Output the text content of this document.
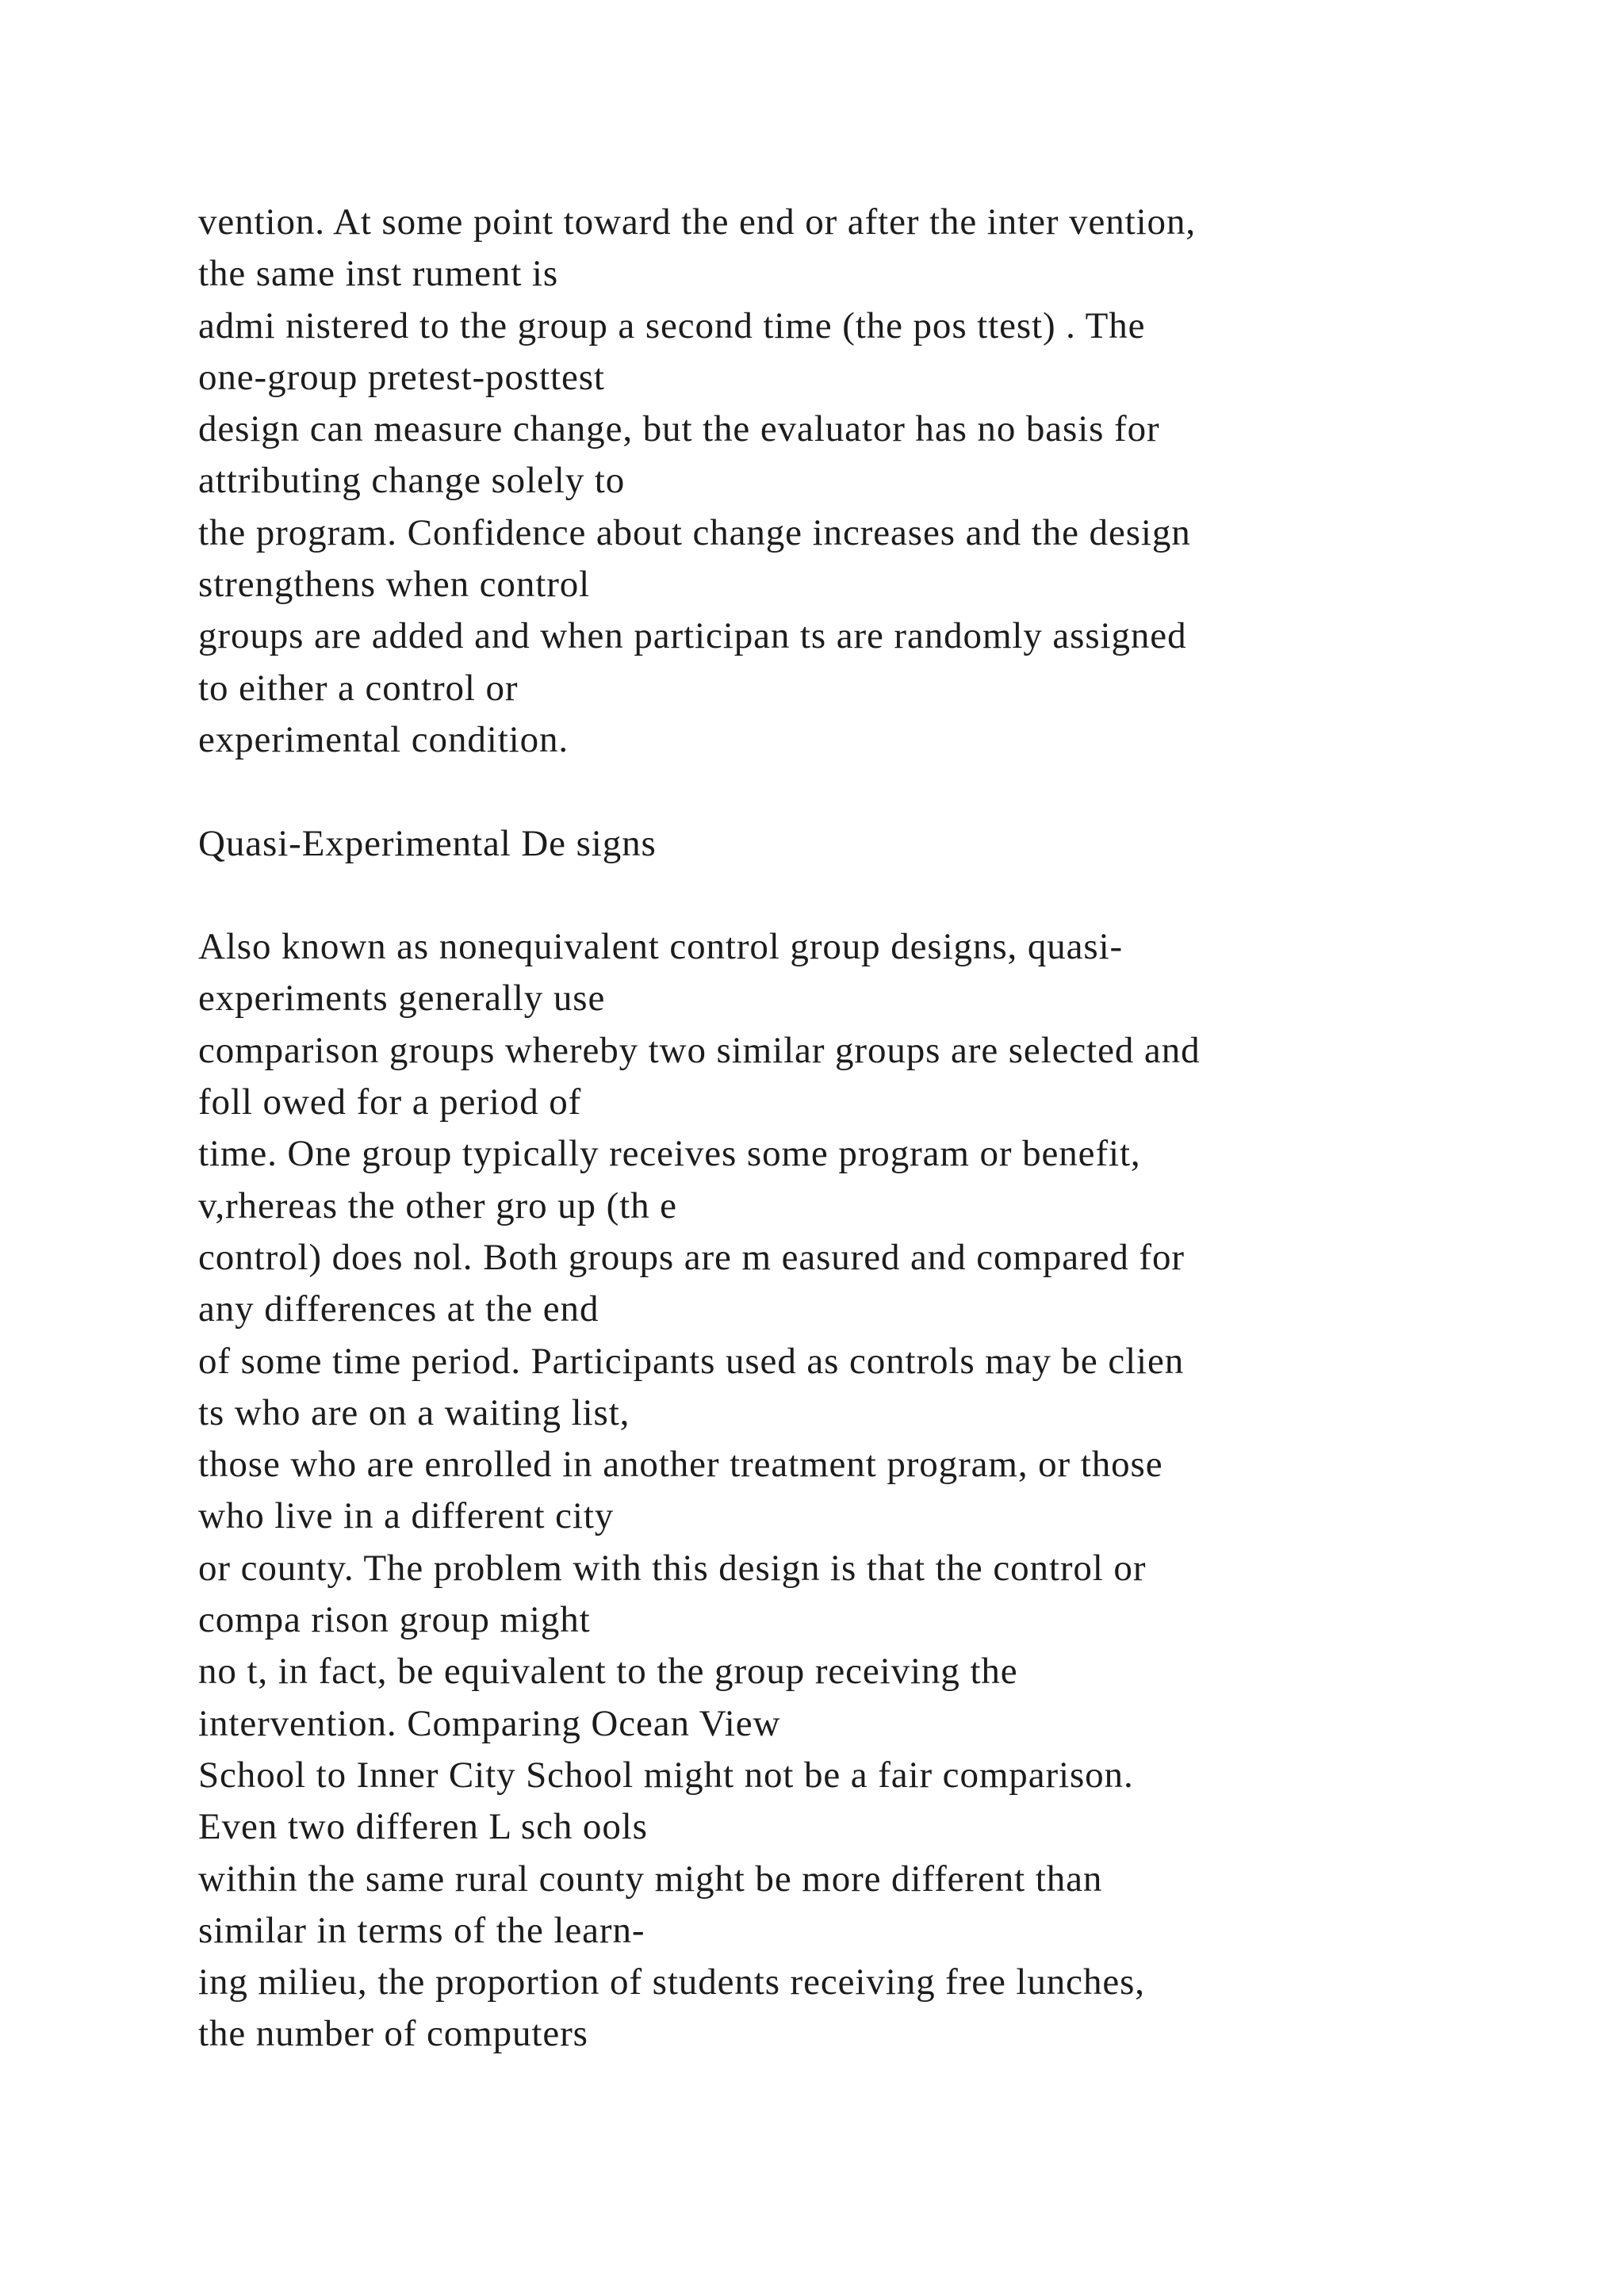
vention. At some point toward the end or after the inter vention,
the same inst rument is
admi nistered to the group a second time (the pos ttest) . The
one-group pretest-posttest
design can measure change, but the evaluator has no basis for
attributing change solely to
the program. Confidence about change increases and the design
strengthens when control
groups are added and when participan ts are randomly assigned
to either a control or
experimental condition.
Quasi-Experimental De signs
Also known as nonequivalent control group designs, quasi-
experiments generally use
comparison groups whereby two similar groups are selected and
foll owed for a period of
time. One group typically receives some program or benefit,
v,rhereas the other gro up (th e
control) does nol. Both groups are m easured and compared for
any differences at the end
of some time period. Participants used as controls may be clien
ts who are on a waiting list,
those who are enrolled in another treatment program, or those
who live in a different city
or county. The problem with this design is that the control or
compa rison group might
no t, in fact, be equivalent to the group receiving the
intervention. Comparing Ocean View
School to Inner City School might not be a fair comparison.
Even two differen L sch ools
within the same rural county might be more different than
similar in terms of the learn-
ing milieu, the proportion of students receiving free lunches,
the number of computers
